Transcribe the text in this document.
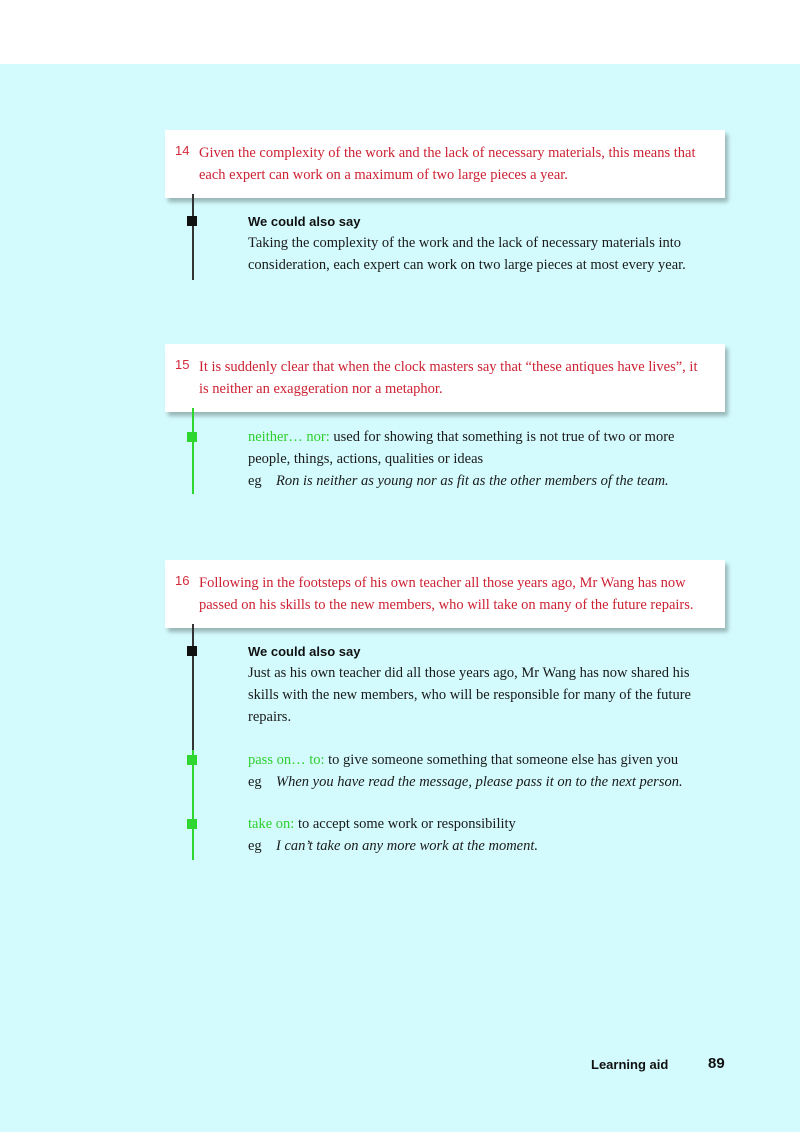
14 Given the complexity of the work and the lack of necessary materials, this means that each expert can work on a maximum of two large pieces a year.
We could also say
Taking the complexity of the work and the lack of necessary materials into consideration, each expert can work on two large pieces at most every year.
15 It is suddenly clear that when the clock masters say that “these antiques have lives”, it is neither an exaggeration nor a metaphor.
neither… nor: used for showing that something is not true of two or more people, things, actions, qualities or ideas
eg Ron is neither as young nor as fit as the other members of the team.
16 Following in the footsteps of his own teacher all those years ago, Mr Wang has now passed on his skills to the new members, who will take on many of the future repairs.
We could also say
Just as his own teacher did all those years ago, Mr Wang has now shared his skills with the new members, who will be responsible for many of the future repairs.
pass on… to: to give someone something that someone else has given you
eg When you have read the message, please pass it on to the next person.
take on: to accept some work or responsibility
eg I can’t take on any more work at the moment.
Learning aid	89
